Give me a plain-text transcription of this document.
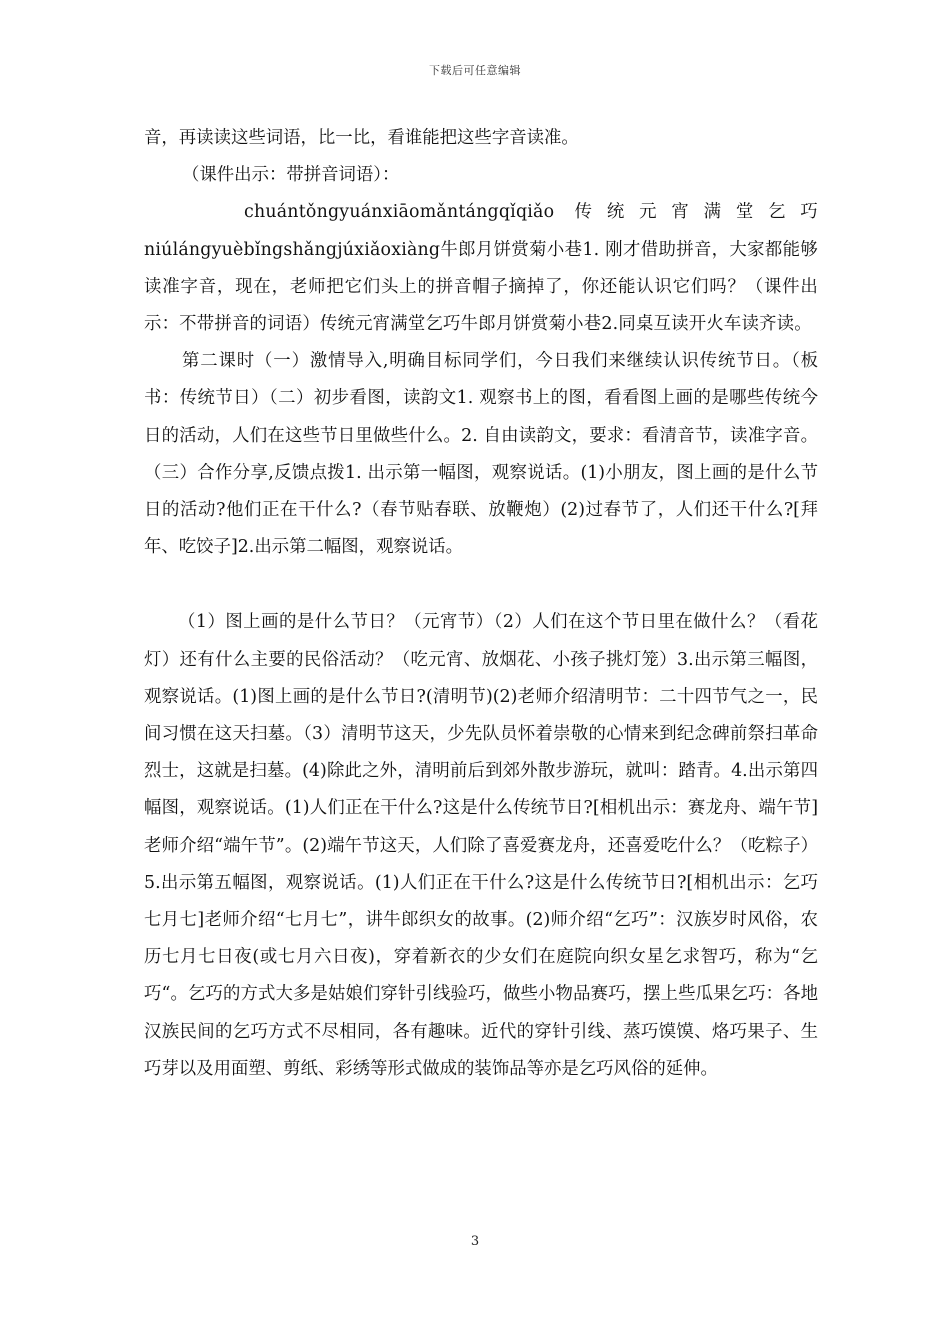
下载后可任意编辑

音，再读读这些词语，比一比，看谁能把这些字音读准。

（课件出示：带拼音词语）：

chuántǒngyuánxiāomǎntángqǐqiǎo 传统元宵满堂乞巧niúlángyuèbǐngshǎngjúxiǎoxiàng牛郎月饼赏菊小巷1. 刚才借助拼音，大家都能够读准字音，现在，老师把它们头上的拼音帽子摘掉了，你还能认识它们吗？（课件出示：不带拼音的词语）传统元宵满堂乞巧牛郎月饼赏菊小巷2.同桌互读开火车读齐读。

第二课时（一）激情导入,明确目标同学们，今日我们来继续认识传统节日。（板书：传统节日）（二）初步看图，读韵文1. 观察书上的图，看看图上画的是哪些传统今日的活动，人们在这些节日里做些什么。2. 自由读韵文，要求：看清音节，读准字音。（三）合作分享,反馈点拨1. 出示第一幅图，观察说话。(1)小朋友，图上画的是什么节日的活动?他们正在干什么?（春节贴春联、放鞭炮）(2)过春节了，人们还干什么?[拜年、吃饺子]2.出示第二幅图，观察说话。

（1）图上画的是什么节日？（元宵节）（2）人们在这个节日里在做什么？（看花灯）还有什么主要的民俗活动？（吃元宵、放烟花、小孩子挑灯笼）3.出示第三幅图，观察说话。(1)图上画的是什么节日?(清明节)(2)老师介绍清明节：二十四节气之一，民间习惯在这天扫墓。（3）清明节这天，少先队员怀着崇敬的心情来到纪念碑前祭扫革命烈士，这就是扫墓。(4)除此之外，清明前后到郊外散步游玩，就叫：踏青。4.出示第四幅图，观察说话。(1)人们正在干什么?这是什么传统节日?[相机出示：赛龙舟、端午节]老师介绍“端午节”。(2)端午节这天，人们除了喜爱赛龙舟，还喜爱吃什么？（吃粽子）5.出示第五幅图，观察说话。(1)人们正在干什么?这是什么传统节日?[相机出示：乞巧七月七]老师介绍“七月七”，讲牛郎织女的故事。(2)师介绍“乞巧”：汉族岁时风俗，农历七月七日夜(或七月六日夜)，穿着新衣的少女们在庭院向织女星乞求智巧，称为“乞巧“。乞巧的方式大多是姑娘们穿针引线验巧，做些小物品赛巧，摆上些瓜果乞巧：各地汉族民间的乞巧方式不尽相同，各有趣味。近代的穿针引线、蒸巧馍馍、烙巧果子、生巧芽以及用面塑、剪纸、彩绣等形式做成的装饰品等亦是乞巧风俗的延伸。

3
